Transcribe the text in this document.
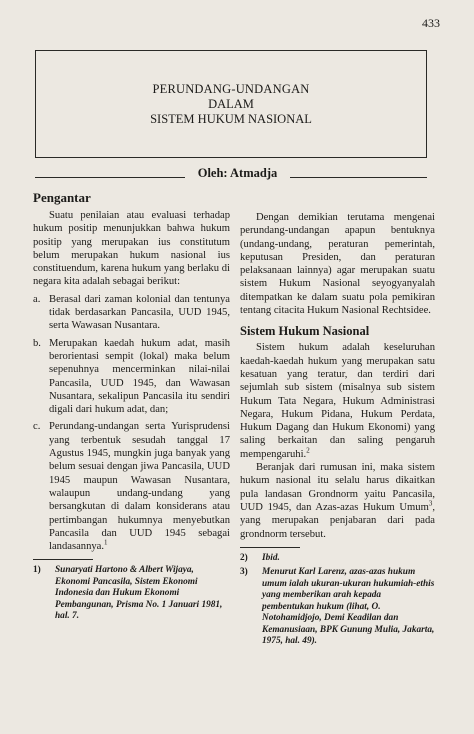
433
PERUNDANG-UNDANGAN
DALAM
SISTEM HUKUM NASIONAL
Oleh: Atmadja
Pengantar

Suatu penilaian atau evaluasi terhadap hukum positip menunjukkan bahwa hukum positip yang merupakan ius constitutum belum merupakan hukum nasional ius constituendum, karena hukum yang berlaku di negara kita adalah sebagai berikut:

a. Berasal dari zaman kolonial dan tentunya tidak berdasarkan Pancasila, UUD 1945, serta Wawasan Nusantara.
b. Merupakan kaedah hukum adat, masih berorientasi sempit (lokal) maka belum sepenuhnya mencerminkan nilai-nilai Pancasila, UUD 1945, dan Wawasan Nusantara, sekalipun Pancasila itu sendiri digali dari hukum adat, dan;
c. Perundang-undangan serta Yurisprudensi yang terbentuk sesudah tanggal 17 Agustus 1945, mungkin juga banyak yang belum sesuai dengan jiwa Pancasila, UUD 1945 maupun Wawasan Nusantara, walaupun undang-undang yang bersangkutan di dalam konsiderans atau pertimbangan hukumnya menyebutkan Pancasila dan UUD 1945 sebagai landasannya.$^1$
1)	Sunaryati Hartono & Albert Wijaya, Ekonomi Pancasila, Sistem Ekonomi Indonesia dan Hukum Ekonomi Pembangunan, Prisma No. 1 Januari 1981, hal. 7.

Dengan demikian terutama mengenai perundang-undangan apapun bentuknya (undang-undang, peraturan pemerintah, keputusan Presiden, dan peraturan pelaksanaan lainnya) agar merupakan suatu sistem Hukum Nasional seyogyanyalah ditempatkan ke dalam suatu pola pemikiran tentang citacita Hukum Nasional Rechtsidee.

Sistem Hukum Nasional

Sistem hukum adalah keseluruhan kaedah-kaedah hukum yang merupakan satu kesatuan yang teratur, dan terdiri dari sejumlah sub sistem (misalnya sub sistem Hukum Tata Negara, Hukum Administrasi Negara, Hukum Pidana, Hukum Perdata, Hukum Dagang dan Hukum Ekonomi) yang saling berkaitan dan saling pengaruh mempengaruhi.$^2$

Beranjak dari rumusan ini, maka sistem hukum nasional itu selalu harus dikaitkan pula landasan Grondnorm yaitu Pancasila, UUD 1945, dan Azas-azas Hukum Umum$^3$, yang merupakan penjabaran dari pada grondnorm tersebut.

2)	Ibid.
3)	Menurut Karl Larenz, azas-azas hukum umum ialah ukuran-ukuran hukumiah-ethis yang memberikan arah kepada pembentukan hukum (lihat, O. Notohamidjojo, Demi Keadilan dan Kemanusiaan, BPK Gunung Mulia, Jakarta, 1975, hal. 49).
